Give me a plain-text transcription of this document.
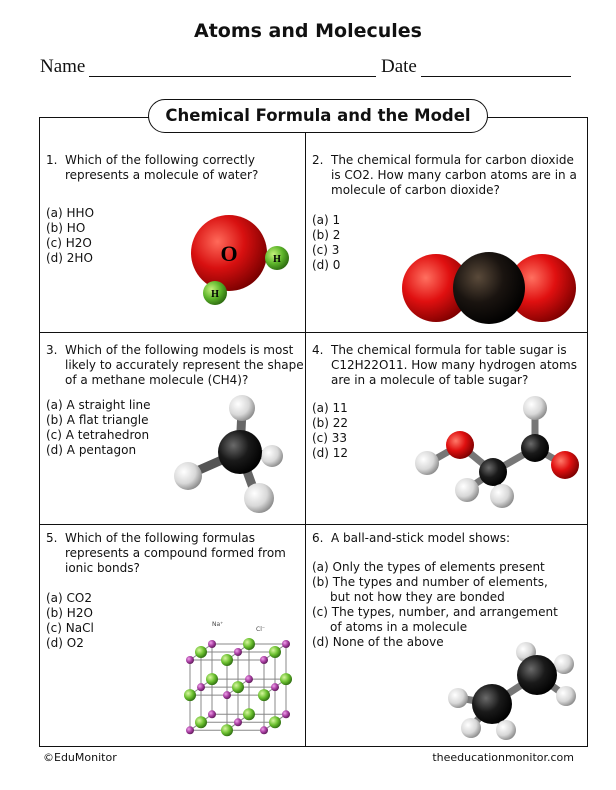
Atoms and Molecules
Name	Date
Chemical Formula and the Model
1. Which of the following correctly represents a molecule of water?
(a) HHO
(b) HO
(c) H2O
(d) 2HO	O	H
H
2. The chemical formula for carbon dioxide is CO2. How many carbon atoms are in a molecule of carbon dioxide?
(a) 1
(b) 2
(c) 3
(d) 0
3. Which of the following models is most likely to accurately represent the shape of a methane molecule (CH4)?
(a) A straight line
(b) A flat triangle
(c) A tetrahedron
(d) A pentagon
4. The chemical formula for table sugar is C12H22O11. How many hydrogen atoms are in a molecule of table sugar?
(a) 11
(b) 22
(c) 33
(d) 12
5. Which of the following formulas represents a compound formed from ionic bonds?
(a) CO2
(b) H2O
(c) NaCl
(d) O2
Na⁺
Cl⁻
6. A ball-and-stick model shows:
(a) Only the types of elements present
(b) The types and number of elements, but not how they are bonded
(c) The types, number, and arrangement of atoms in a molecule
(d) None of the above
©EduMonitor	theeducationmonitor.com
